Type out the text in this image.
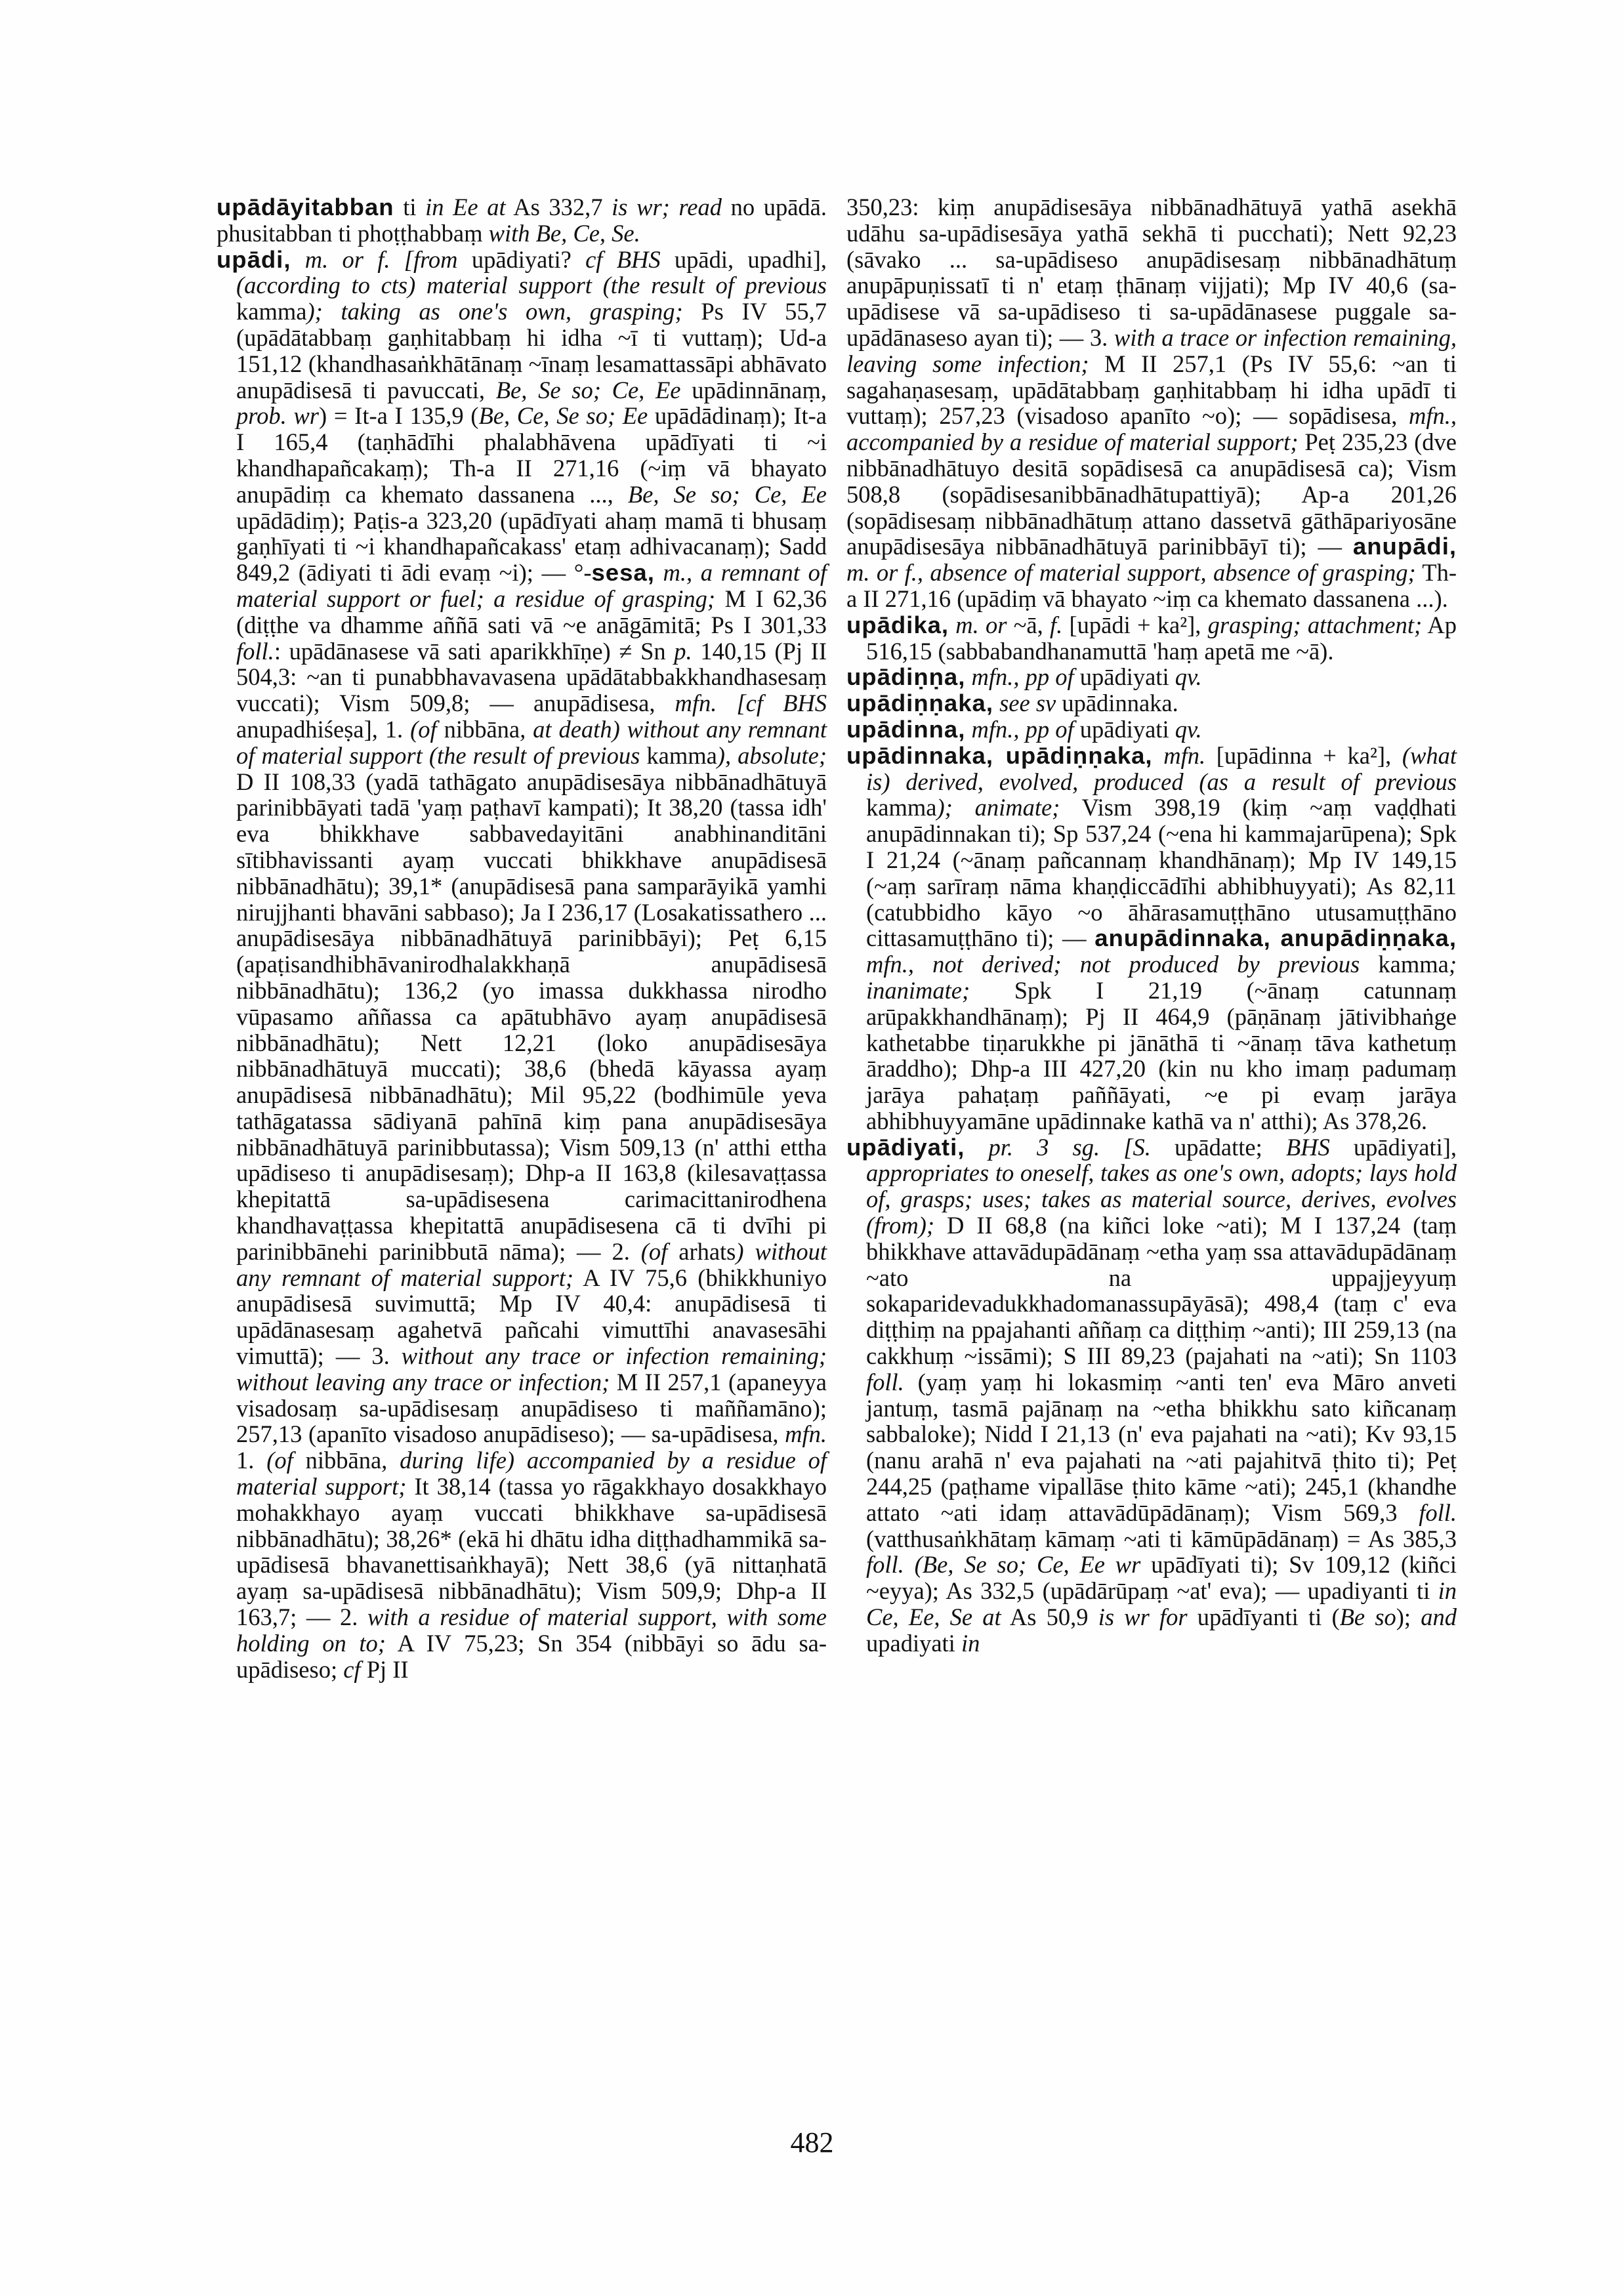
upādāyitabban ti in Ee at As 332,7 is wr; read no upādā. phusitabban ti phoṭṭhabbaṃ with Be, Ce, Se.

upādi, m. or f. [from upādiyati? cf BHS upādi, upadhi], (according to cts) material support (the result of previous kamma); taking as one's own, grasping; Ps IV 55,7 (upādātabbaṃ gaṇhitabbaṃ hi idha ~ī ti vuttaṃ); Ud-a 151,12 (khandhasaṅkhātānaṃ ~īnaṃ lesamattassāpi abhāvato anupādisesā ti pavuccati, Be, Se so; Ce, Ee upādinnānaṃ, prob. wr) = It-a I 135,9 (Be, Ce, Se so; Ee upādādinaṃ); It-a I 165,4 (taṇhādīhi phalabhāvena upādīyati ti ~i khandhapañcakaṃ); Th-a II 271,16 (~iṃ vā bhayato anupādiṃ ca khemato dassanena ..., Be, Se so; Ce, Ee upādādiṃ); Paṭis-a 323,20 (upādīyati ahaṃ mamā ti bhusaṃ gaṇhīyati ti ~i khandhapañcakass' etaṃ adhivacanaṃ); Sadd 849,2 (ādiyati ti ādi evaṃ ~i); — °-sesa, m., a remnant of material support or fuel; a residue of grasping; M I 62,36 (diṭṭhe va dhamme aññā sati vā ~e anāgāmitā; Ps I 301,33 foll.: upādānasese vā sati aparikkhīṇe) ≠ Sn p. 140,15 (Pj II 504,3: ~an ti punabbhavavasena upādātabbakkhandhasesaṃ vuccati); Vism 509,8; — anupādisesa, mfn. [cf BHS anupadhiśeṣa], 1. (of nibbāna, at death) without any remnant of material support (the result of previous kamma), absolute; D II 108,33 (yadā tathāgato anupādisesāya nibbānadhātuyā parinibbāyati tadā 'yaṃ paṭhavī kampati); It 38,20 (tassa idh' eva bhikkhave sabbavedayitāni anabhinanditāni sītibhavissanti ayaṃ vuccati bhikkhave anupādisesā nibbānadhātu); 39,1* (anupādisesā pana samparāyikā yamhi nirujjhanti bhavāni sabbaso); Ja I 236,17 (Losakatissathero ... anupādisesāya nibbānadhātuyā parinibbāyi); Peṭ 6,15 (apaṭisandhibhāvanirodhalakkhaṇā anupādisesā nibbānadhātu); 136,2 (yo imassa dukkhassa nirodho vūpasamo aññassa ca apātubhāvo ayaṃ anupādisesā nibbānadhātu); Nett 12,21 (loko anupādisesāya nibbānadhātuyā muccati); 38,6 (bhedā kāyassa ayaṃ anupādisesā nibbānadhātu); Mil 95,22 (bodhimūle yeva tathāgatassa sādiyanā pahīnā kiṃ pana anupādisesāya nibbānadhātuyā parinibbutassa); Vism 509,13 (n' atthi ettha upādiseso ti anupādisesaṃ); Dhp-a II 163,8 (kilesavaṭṭassa khepitattā sa-upādisesena carimacittanirodhena khandhavaṭṭassa khepitattā anupādisesena cā ti dvīhi pi parinibbānehi parinibbutā nāma); — 2. (of arhats) without any remnant of material support; A IV 75,6 (bhikkhuniyo anupādisesā suvimuttā; Mp IV 40,4: anupādisesā ti upādānasesaṃ agahetvā pañcahi vimuttīhi anavasesāhi vimuttā); — 3. without any trace or infection remaining; without leaving any trace or infection; M II 257,1 (apaneyya visadosaṃ sa-upādisesaṃ anupādiseso ti maññamāno); 257,13 (apanīto visadoso anupādiseso); — sa-upādisesa, mfn. 1. (of nibbāna, during life) accompanied by a residue of material support; It 38,14 (tassa yo rāgakkhayo dosakkhayo mohakkhayo ayaṃ vuccati bhikkhave sa-upādisesā nibbānadhātu); 38,26* (ekā hi dhātu idha diṭṭhadhammikā sa-upādisesā bhavanettisaṅkhayā); Nett 38,6 (yā nittaṇhatā ayaṃ sa-upādisesā nibbānadhātu); Vism 509,9; Dhp-a II 163,7; — 2. with a residue of material support, with some holding on to; A IV 75,23; Sn 354 (nibbāyi so ādu sa-upādiseso; cf Pj II

350,23: kiṃ anupādisesāya nibbānadhātuyā yathā asekhā udāhu sa-upādisesāya yathā sekhā ti pucchati); Nett 92,23 (sāvako ... sa-upādiseso anupādisesaṃ nibbānadhātuṃ anupāpuṇissatī ti n' etaṃ ṭhānaṃ vijjati); Mp IV 40,6 (sa-upādisese vā sa-upādiseso ti sa-upādānasese puggale sa-upādānaseso ayan ti); — 3. with a trace or infection remaining, leaving some infection; M II 257,1 (Ps IV 55,6: ~an ti sagahaṇasesaṃ, upādātabbaṃ gaṇhitabbaṃ hi idha upādī ti vuttaṃ); 257,23 (visadoso apanīto ~o); — sopādisesa, mfn., accompanied by a residue of material support; Peṭ 235,23 (dve nibbānadhātuyo desitā sopādisesā ca anupādisesā ca); Vism 508,8 (sopādisesanibbānadhātupattiyā); Ap-a 201,26 (sopādisesaṃ nibbānadhātuṃ attano dassetvā gāthāpariyosāne anupādisesāya nibbānadhātuyā parinibbāyī ti); — anupādi, m. or f., absence of material support, absence of grasping; Th-a II 271,16 (upādiṃ vā bhayato ~iṃ ca khemato dassanena ...).

upādika, m. or ~ā, f. [upādi + ka²], grasping; attachment; Ap 516,15 (sabbabandhanamuttā 'haṃ apetā me ~ā).

upādiṇṇa, mfn., pp of upādiyati qv.

upādiṇṇaka, see sv upādinnaka.

upādinna, mfn., pp of upādiyati qv.

upādinnaka, upādiṇṇaka, mfn. [upādinna + ka²], (what is) derived, evolved, produced (as a result of previous kamma); animate; Vism 398,19 (kiṃ ~aṃ vaḍḍhati anupādinnakan ti); Sp 537,24 (~ena hi kammajarūpena); Spk I 21,24 (~ānaṃ pañcannaṃ khandhānaṃ); Mp IV 149,15 (~aṃ sarīraṃ nāma khaṇḍiccādīhi abhibhuyyati); As 82,11 (catubbidho kāyo ~o āhārasamuṭṭhāno utusamuṭṭhāno cittasamuṭṭhāno ti); — anupādinnaka, anupādiṇṇaka, mfn., not derived; not produced by previous kamma; inanimate; Spk I 21,19 (~ānaṃ catunnaṃ arūpakkhandhānaṃ); Pj II 464,9 (pāṇānaṃ jātivibhaṅge kathetabbe tiṇarukkhe pi jānāthā ti ~ānaṃ tāva kathetuṃ āraddho); Dhp-a III 427,20 (kin nu kho imaṃ padumaṃ jarāya pahaṭaṃ paññāyati, ~e pi evaṃ jarāya abhibhuyyamāne upādinnake kathā va n' atthi); As 378,26.

upādiyati, pr. 3 sg. [S. upādatte; BHS upādiyati], appropriates to oneself, takes as one's own, adopts; lays hold of, grasps; uses; takes as material source, derives, evolves (from); D II 68,8 (na kiñci loke ~ati); M I 137,24 (taṃ bhikkhave attavādupādānaṃ ~etha yaṃ ssa attavādupādānaṃ ~ato na uppajjeyyuṃ sokaparidevadukkhadomanassupāyāsā); 498,4 (taṃ c' eva diṭṭhiṃ na ppajahanti aññaṃ ca diṭṭhiṃ ~anti); III 259,13 (na cakkhuṃ ~issāmi); S III 89,23 (pajahati na ~ati); Sn 1103 foll. (yaṃ yaṃ hi lokasmiṃ ~anti ten' eva Māro anveti jantuṃ, tasmā pajānaṃ na ~etha bhikkhu sato kiñcanaṃ sabbaloke); Nidd I 21,13 (n' eva pajahati na ~ati); Kv 93,15 (nanu arahā n' eva pajahati na ~ati pajahitvā ṭhito ti); Peṭ 244,25 (paṭhame vipallāse ṭhito kāme ~ati); 245,1 (khandhe attato ~ati idaṃ attavādūpādānaṃ); Vism 569,3 foll. (vatthusaṅkhātaṃ kāmaṃ ~ati ti kāmūpādānaṃ) = As 385,3 foll. (Be, Se so; Ce, Ee wr upādīyati ti); Sv 109,12 (kiñci ~eyya); As 332,5 (upādārūpaṃ ~at' eva); — upadiyanti ti in Ce, Ee, Se at As 50,9 is wr for upādīyanti ti (Be so); and upadiyati in

482
